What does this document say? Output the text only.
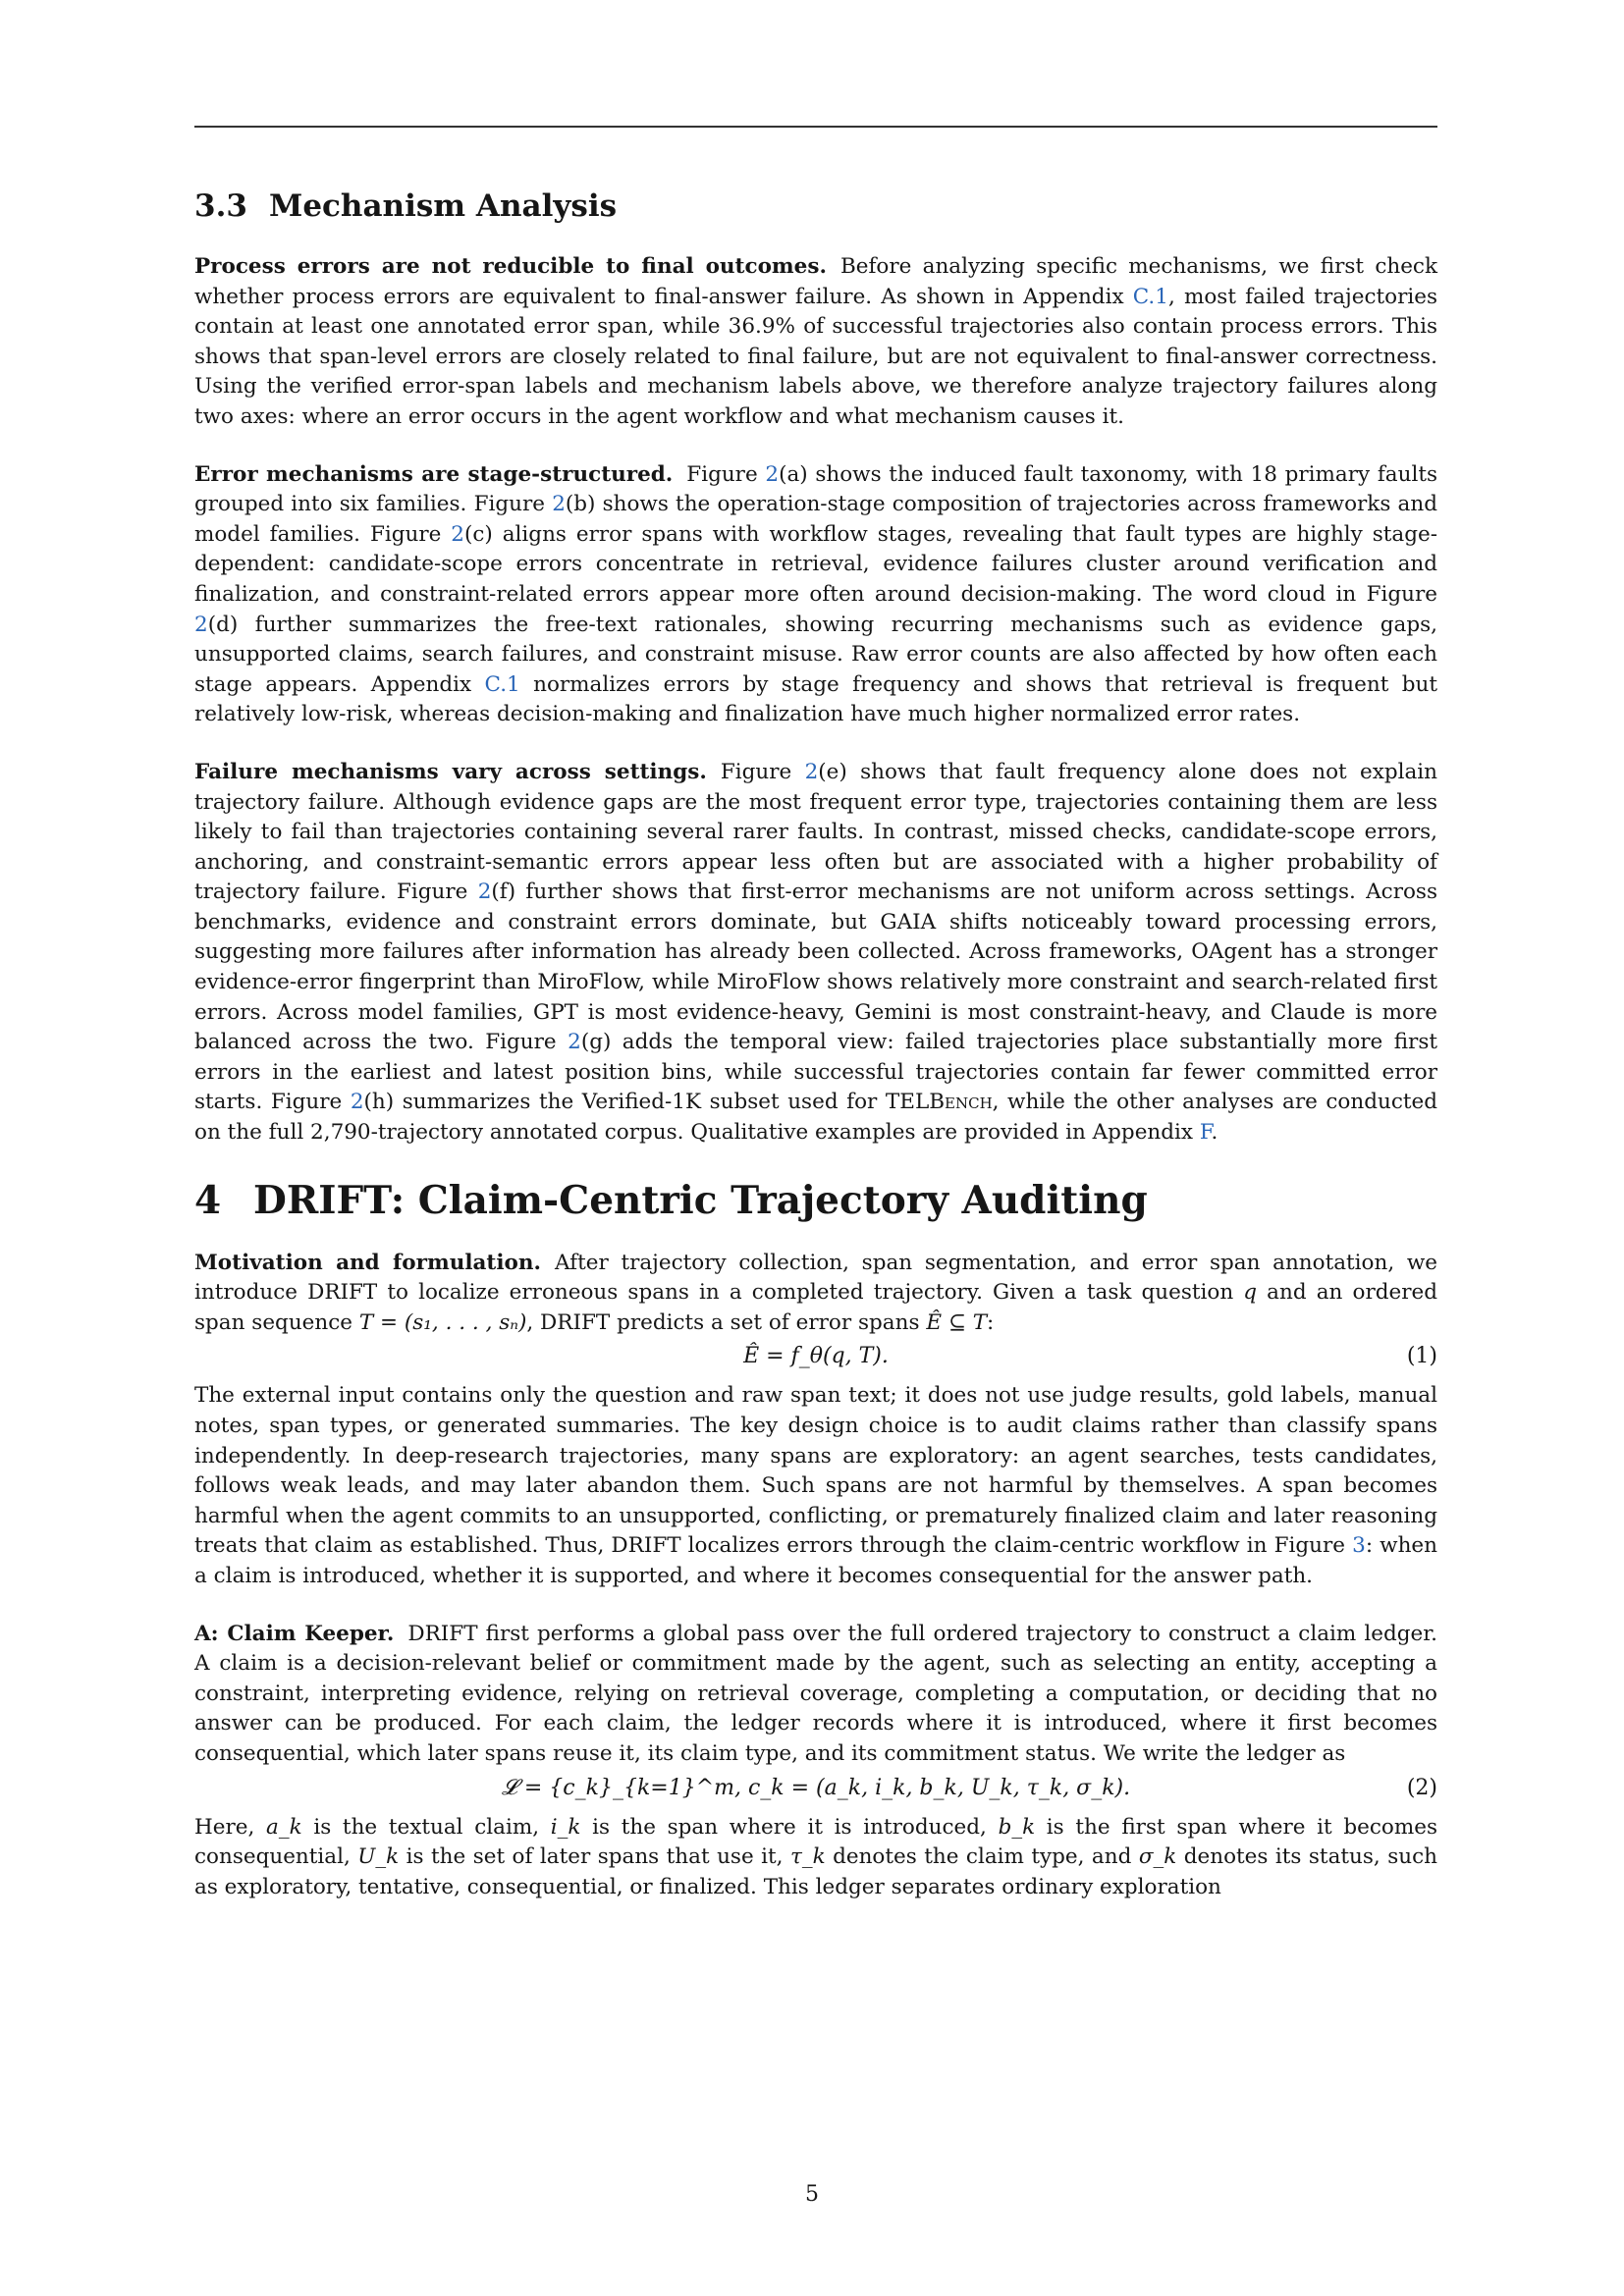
3.3 Mechanism Analysis

Process errors are not reducible to final outcomes. Before analyzing specific mechanisms, we first check whether process errors are equivalent to final-answer failure. As shown in Appendix C.1, most failed trajectories contain at least one annotated error span, while 36.9% of successful trajectories also contain process errors. This shows that span-level errors are closely related to final failure, but are not equivalent to final-answer correctness. Using the verified error-span labels and mechanism labels above, we therefore analyze trajectory failures along two axes: where an error occurs in the agent workflow and what mechanism causes it.

Error mechanisms are stage-structured. Figure 2(a) shows the induced fault taxonomy, with 18 primary faults grouped into six families. Figure 2(b) shows the operation-stage composition of trajectories across frameworks and model families. Figure 2(c) aligns error spans with workflow stages, revealing that fault types are highly stage-dependent: candidate-scope errors concentrate in retrieval, evidence failures cluster around verification and finalization, and constraint-related errors appear more often around decision-making. The word cloud in Figure 2(d) further summarizes the free-text rationales, showing recurring mechanisms such as evidence gaps, unsupported claims, search failures, and constraint misuse. Raw error counts are also affected by how often each stage appears. Appendix C.1 normalizes errors by stage frequency and shows that retrieval is frequent but relatively low-risk, whereas decision-making and finalization have much higher normalized error rates.

Failure mechanisms vary across settings. Figure 2(e) shows that fault frequency alone does not explain trajectory failure. Although evidence gaps are the most frequent error type, trajectories containing them are less likely to fail than trajectories containing several rarer faults. In contrast, missed checks, candidate-scope errors, anchoring, and constraint-semantic errors appear less often but are associated with a higher probability of trajectory failure. Figure 2(f) further shows that first-error mechanisms are not uniform across settings. Across benchmarks, evidence and constraint errors dominate, but GAIA shifts noticeably toward processing errors, suggesting more failures after information has already been collected. Across frameworks, OAgent has a stronger evidence-error fingerprint than MiroFlow, while MiroFlow shows relatively more constraint and search-related first errors. Across model families, GPT is most evidence-heavy, Gemini is most constraint-heavy, and Claude is more balanced across the two. Figure 2(g) adds the temporal view: failed trajectories place substantially more first errors in the earliest and latest position bins, while successful trajectories contain far fewer committed error starts. Figure 2(h) summarizes the Verified-1K subset used for TELBench, while the other analyses are conducted on the full 2,790-trajectory annotated corpus. Qualitative examples are provided in Appendix F.

4 DRIFT: Claim-Centric Trajectory Auditing

Motivation and formulation. After trajectory collection, span segmentation, and error span annotation, we introduce DRIFT to localize erroneous spans in a completed trajectory. Given a task question q and an ordered span sequence T = (s₁, . . . , sₙ), DRIFT predicts a set of error spans Ê ⊆ T:

Ê = f_θ(q, T).	(1)

The external input contains only the question and raw span text; it does not use judge results, gold labels, manual notes, span types, or generated summaries. The key design choice is to audit claims rather than classify spans independently. In deep-research trajectories, many spans are exploratory: an agent searches, tests candidates, follows weak leads, and may later abandon them. Such spans are not harmful by themselves. A span becomes harmful when the agent commits to an unsupported, conflicting, or prematurely finalized claim and later reasoning treats that claim as established. Thus, DRIFT localizes errors through the claim-centric workflow in Figure 3: when a claim is introduced, whether it is supported, and where it becomes consequential for the answer path.

A: Claim Keeper. DRIFT first performs a global pass over the full ordered trajectory to construct a claim ledger. A claim is a decision-relevant belief or commitment made by the agent, such as selecting an entity, accepting a constraint, interpreting evidence, relying on retrieval coverage, completing a computation, or deciding that no answer can be produced. For each claim, the ledger records where it is introduced, where it first becomes consequential, which later spans reuse it, its claim type, and its commitment status. We write the ledger as

𝓛 = {c_k}_{k=1}^m, c_k = (a_k, i_k, b_k, U_k, τ_k, σ_k).	(2)

Here, a_k is the textual claim, i_k is the span where it is introduced, b_k is the first span where it becomes consequential, U_k is the set of later spans that use it, τ_k denotes the claim type, and σ_k denotes its status, such as exploratory, tentative, consequential, or finalized. This ledger separates ordinary exploration

5
